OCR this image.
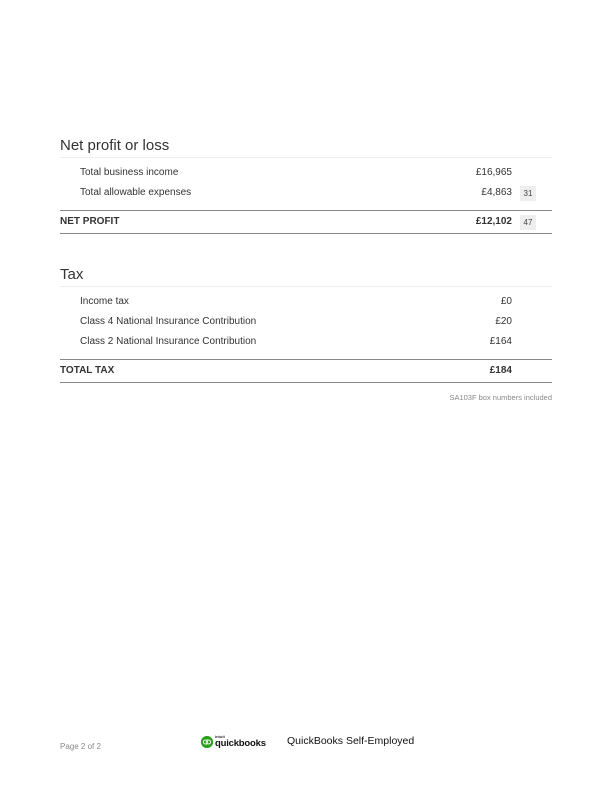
Net profit or loss
Total business income	£16,965
Total allowable expenses	£4,863	31
NET PROFIT	£12,102	47
Tax
Income tax	£0
Class 4 National Insurance Contribution	£20
Class 2 National Insurance Contribution	£164
TOTAL TAX	£184
SA103F box numbers included
Page 2 of 2
intuit
quickbooks QuickBooks Self-Employed
